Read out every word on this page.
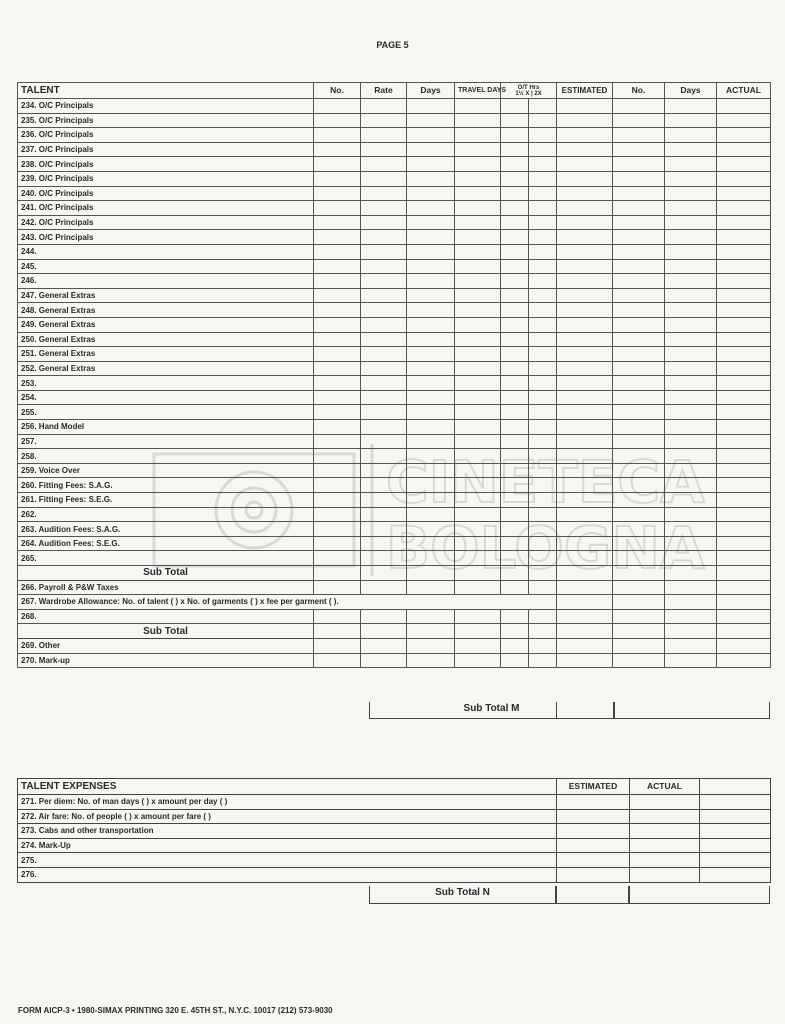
PAGE 5
TALENT	No.	Rate	Days	TRAVEL DAYS	O/T Hrs
1½ X | 2X		ESTIMATED	No.	Days	ACTUAL
234. O/C Principals										
235. O/C Principals										
236. O/C Principals										
237. O/C Principals										
238. O/C Principals										
239. O/C Principals										
240. O/C Principals										
241. O/C Principals										
242. O/C Principals										
243. O/C Principals										
244.										
245.										
246.										
247. General Extras										
248. General Extras										
249. General Extras										
250. General Extras										
251. General Extras										
252. General Extras										
253.										
254.										
255.										
256. Hand Model										
257.										
258.										
259. Voice Over										
260. Fitting Fees: S.A.G.										
261. Fitting Fees: S.E.G.										
262.										
263. Audition Fees: S.A.G.										
264. Audition Fees: S.E.G.										
265.										
Sub Total										
266. Payroll & P&W Taxes										
267. Wardrobe Allowance: No. of talent ( ) x No. of garments ( ) x fee per garment ( ).										
268.										
Sub Total										
269. Other										
270. Mark-up										
Sub Total M
TALENT EXPENSES	ESTIMATED	ACTUAL	
271. Per diem: No. of man days ( ) x amount per day ( )			
272. Air fare: No. of people ( ) x amount per fare ( )			
273. Cabs and other transportation			
274. Mark-Up			
275.			
276.			
Sub Total N
CINETECA
BOLOGNA
FORM AICP-3 • 1980-SIMAX PRINTING 320 E. 45TH ST., N.Y.C. 10017 (212) 573-9030
